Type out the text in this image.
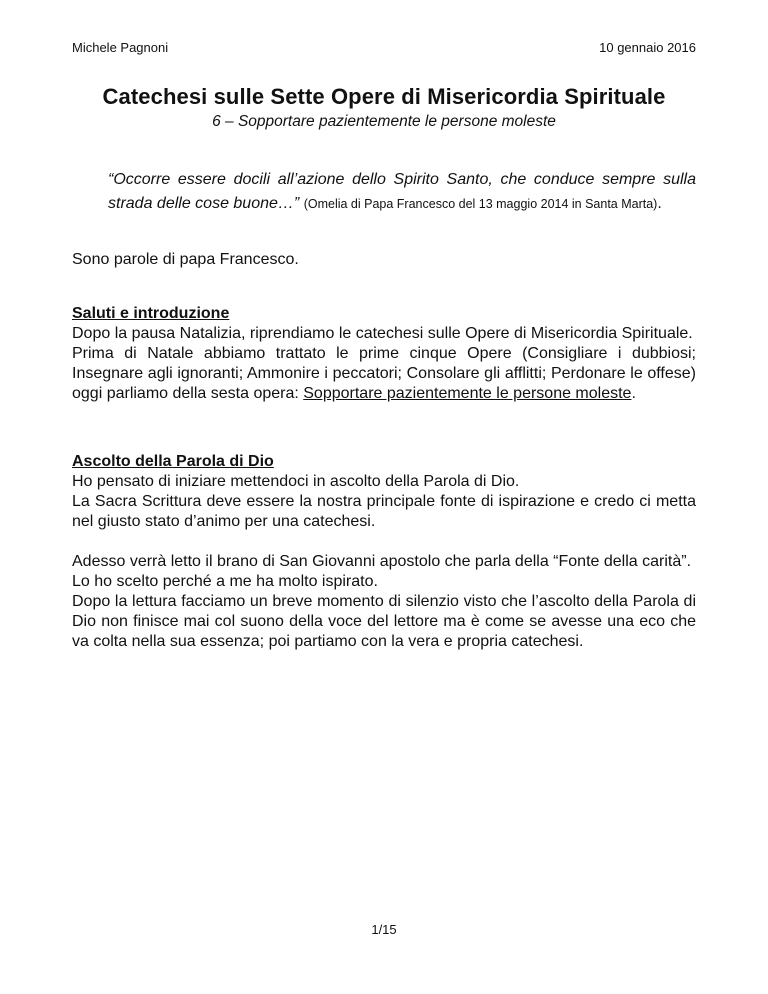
Michele Pagnoni	10 gennaio 2016
Catechesi sulle Sette Opere di Misericordia Spirituale
6 – Sopportare pazientemente le persone moleste
“Occorre essere docili all’azione dello Spirito Santo, che conduce sempre sulla strada delle cose buone…” (Omelia di Papa Francesco del 13 maggio 2014 in Santa Marta).
Sono parole di papa Francesco.

Saluti e introduzione

Dopo la pausa Natalizia, riprendiamo le catechesi sulle Opere di Misericordia Spirituale.

Prima di Natale abbiamo trattato le prime cinque Opere (Consigliare i dubbiosi; Insegnare agli ignoranti; Ammonire i peccatori; Consolare gli afflitti; Perdonare le offese) oggi parliamo della sesta opera: Sopportare pazientemente le persone moleste.

Ascolto della Parola di Dio

Ho pensato di iniziare mettendoci in ascolto della Parola di Dio.

La Sacra Scrittura deve essere la nostra principale fonte di ispirazione e credo ci metta nel giusto stato d’animo per una catechesi.

Adesso verrà letto il brano di San Giovanni apostolo che parla della “Fonte della carità”.

Lo ho scelto perché a me ha molto ispirato.

Dopo la lettura facciamo un breve momento di silenzio visto che l’ascolto della Parola di Dio non finisce mai col suono della voce del lettore ma è come se avesse una eco che va colta nella sua essenza; poi partiamo con la vera e propria catechesi.

1/15
